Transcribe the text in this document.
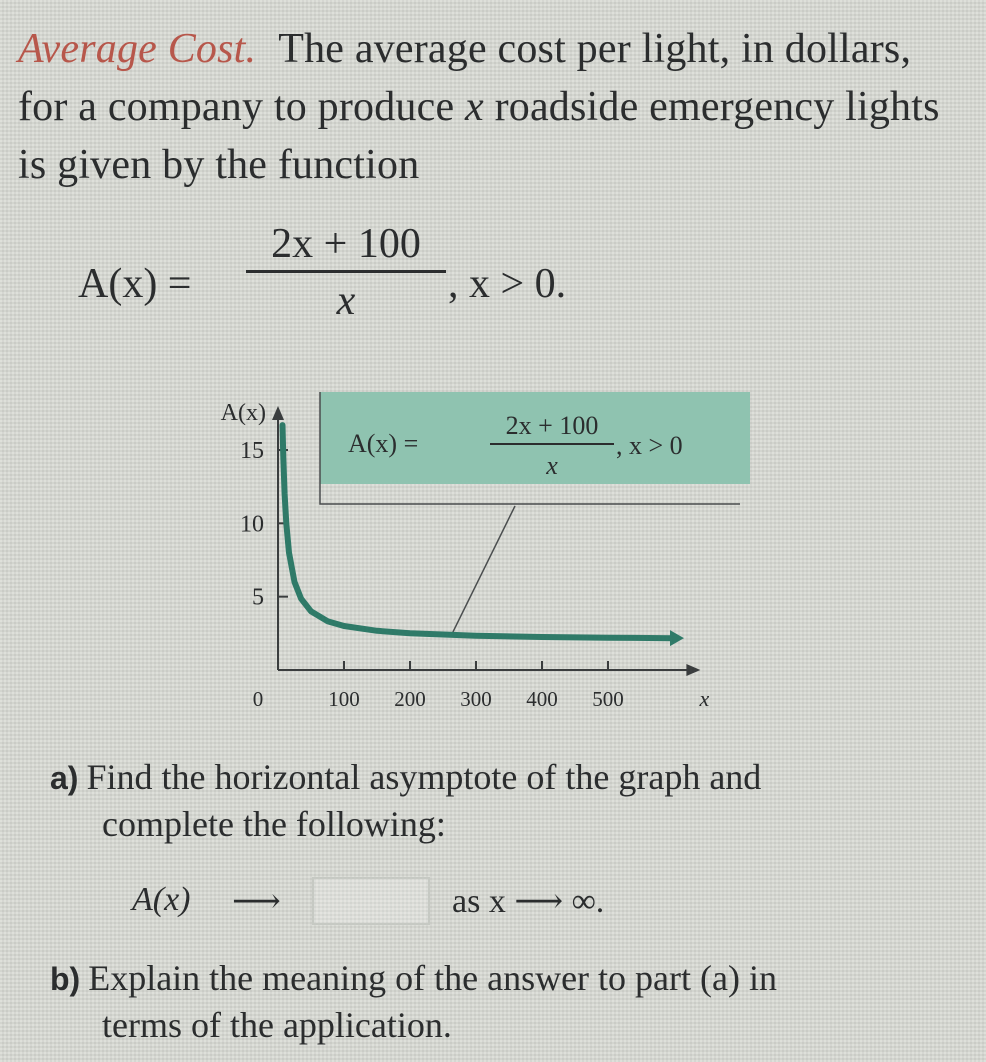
Average Cost. The average cost per light, in dollars, for a company to produce x roadside emergency lights is given by the function
$A(x) = \frac{2x + 100}{x}$ , x > 0.
5
10
15
0	100 200 300 400 500
A(x)
x
A(x) =
2x + 100
x
, x > 0
a) Find the horizontal asymptote of the graph and
complete the following:
A(x) ⟶	as x ⟶ ∞.
b) Explain the meaning of the answer to part (a) in
terms of the application.
